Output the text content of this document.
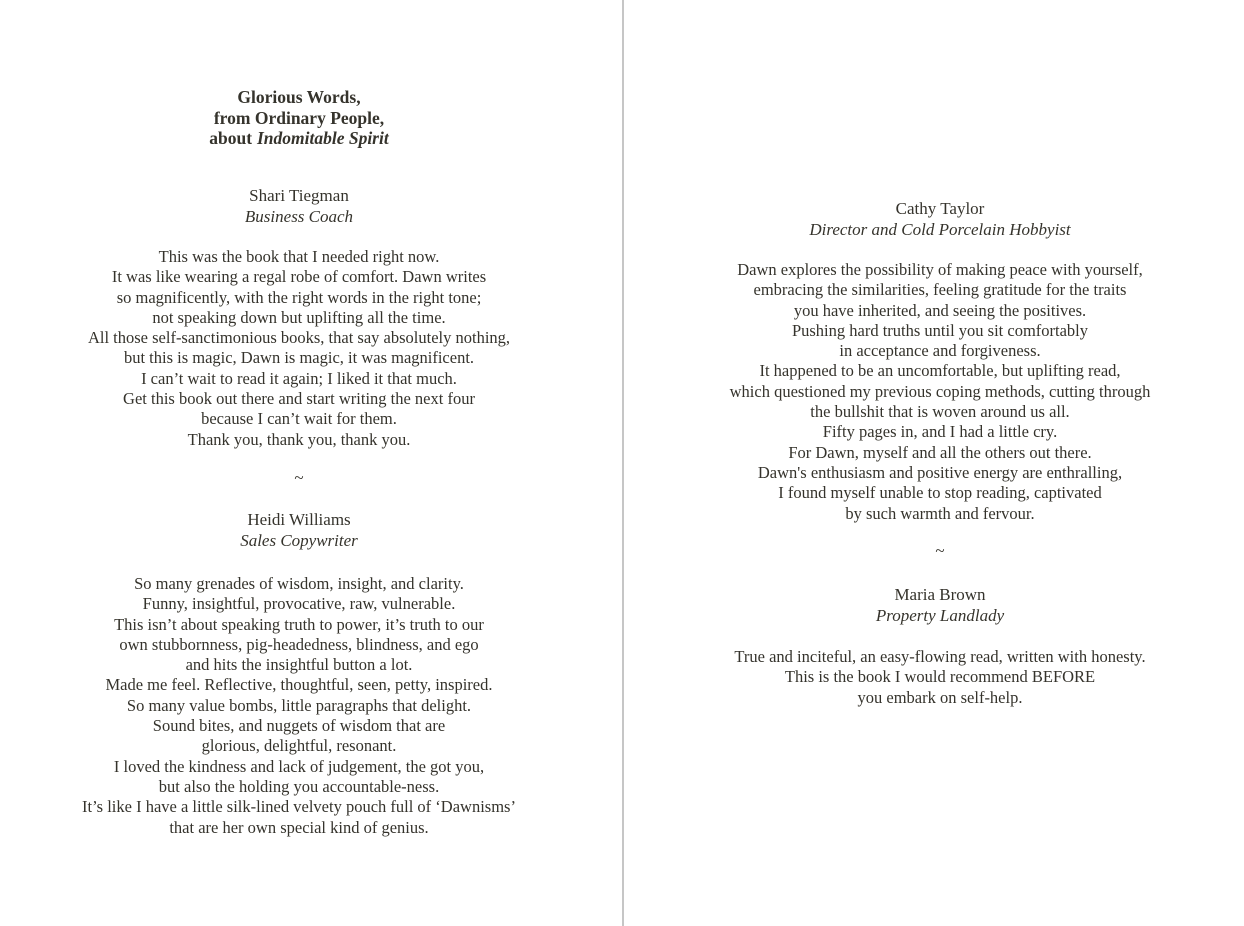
Glorious Words,
from Ordinary People,
about Indomitable Spirit
Shari Tiegman
Business Coach
This was the book that I needed right now.
It was like wearing a regal robe of comfort. Dawn writes
so magnificently, with the right words in the right tone;
not speaking down but uplifting all the time.
All those self-sanctimonious books, that say absolutely nothing,
but this is magic, Dawn is magic, it was magnificent.
I can’t wait to read it again; I liked it that much.
Get this book out there and start writing the next four
because I can’t wait for them.
Thank you, thank you, thank you.
~
Heidi Williams
Sales Copywriter
So many grenades of wisdom, insight, and clarity.
Funny, insightful, provocative, raw, vulnerable.
This isn’t about speaking truth to power, it’s truth to our
own stubbornness, pig-headedness, blindness, and ego
and hits the insightful button a lot.
Made me feel. Reflective, thoughtful, seen, petty, inspired.
So many value bombs, little paragraphs that delight.
Sound bites, and nuggets of wisdom that are
glorious, delightful, resonant.
I loved the kindness and lack of judgement, the got you,
but also the holding you accountable-ness.
It’s like I have a little silk-lined velvety pouch full of ‘Dawnisms’
that are her own special kind of genius.
Cathy Taylor
Director and Cold Porcelain Hobbyist
Dawn explores the possibility of making peace with yourself,
embracing the similarities, feeling gratitude for the traits
you have inherited, and seeing the positives.
Pushing hard truths until you sit comfortably
in acceptance and forgiveness.
It happened to be an uncomfortable, but uplifting read,
which questioned my previous coping methods, cutting through
the bullshit that is woven around us all.
Fifty pages in, and I had a little cry.
For Dawn, myself and all the others out there.
Dawn's enthusiasm and positive energy are enthralling,
I found myself unable to stop reading, captivated
by such warmth and fervour.
~
Maria Brown
Property Landlady
True and inciteful, an easy-flowing read, written with honesty.
This is the book I would recommend BEFORE
you embark on self-help.
